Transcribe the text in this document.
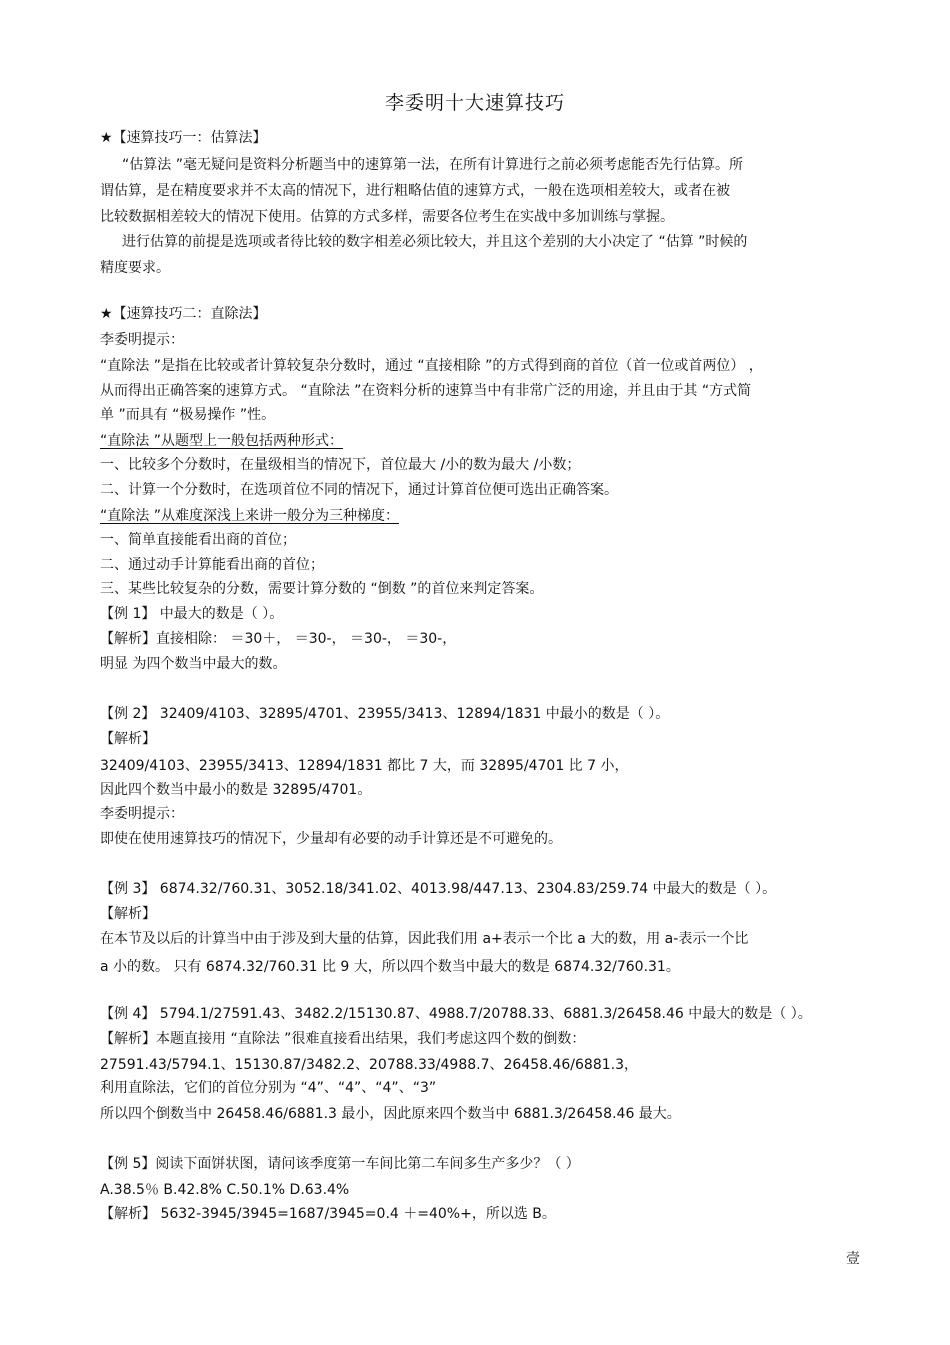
李委明十大速算技巧
★【速算技巧一：估算法】
“估算法 ”毫无疑问是资料分析题当中的速算第一法，在所有计算进行之前必须考虑能否先行估算。所
谓估算，是在精度要求并不太高的情况下，进行粗略估值的速算方式，一般在选项相差较大，或者在被
比较数据相差较大的情况下使用。估算的方式多样，需要各位考生在实战中多加训练与掌握。
进行估算的前提是选项或者待比较的数字相差必须比较大，并且这个差别的大小决定了 “估算 ”时候的
精度要求。
★【速算技巧二：直除法】
李委明提示：
“直除法 ”是指在比较或者计算较复杂分数时，通过 “直接相除 ”的方式得到商的首位（首一位或首两位） ，
从而得出正确答案的速算方式。 “直除法 ”在资料分析的速算当中有非常广泛的用途，并且由于其 “方式简
单 ”而具有 “极易操作 ”性。
“直除法 ”从题型上一般包括两种形式：
一、比较多个分数时，在量级相当的情况下，首位最大 /小的数为最大 /小数；
二、计算一个分数时，在选项首位不同的情况下，通过计算首位便可选出正确答案。
“直除法 ”从难度深浅上来讲一般分为三种梯度：
一、简单直接能看出商的首位；
二、通过动手计算能看出商的首位；
三、某些比较复杂的分数，需要计算分数的 “倒数 ”的首位来判定答案。
【例 1】 中最大的数是（ ）。
【解析】直接相除： ＝30＋， ＝30-， ＝30-， ＝30-，
明显 为四个数当中最大的数。
【例 2】 32409/4103、32895/4701、23955/3413、12894/1831 中最小的数是（ ）。
【解析】
32409/4103、23955/3413、12894/1831 都比 7 大，而 32895/4701 比 7 小，
因此四个数当中最小的数是 32895/4701。
李委明提示：
即使在使用速算技巧的情况下，少量却有必要的动手计算还是不可避免的。
【例 3】 6874.32/760.31、3052.18/341.02、4013.98/447.13、2304.83/259.74 中最大的数是（ ）。
【解析】
在本节及以后的计算当中由于涉及到大量的估算，因此我们用 a+表示一个比 a 大的数，用 a-表示一个比
a 小的数。 只有 6874.32/760.31 比 9 大，所以四个数当中最大的数是 6874.32/760.31。
【例 4】 5794.1/27591.43、3482.2/15130.87、4988.7/20788.33、6881.3/26458.46 中最大的数是（ ）。
【解析】本题直接用 “直除法 ”很难直接看出结果，我们考虑这四个数的倒数：
27591.43/5794.1、15130.87/3482.2、20788.33/4988.7、26458.46/6881.3，
利用直除法，它们的首位分别为 “4”、“4”、“4”、“3”
所以四个倒数当中 26458.46/6881.3 最小，因此原来四个数当中 6881.3/26458.46 最大。
【例 5】阅读下面饼状图，请问该季度第一车间比第二车间多生产多少？（ ）
A.38.5％ B.42.8% C.50.1% D.63.4%
【解析】 5632-3945/3945=1687/3945=0.4 ＋=40%+，所以选 B。
壹
